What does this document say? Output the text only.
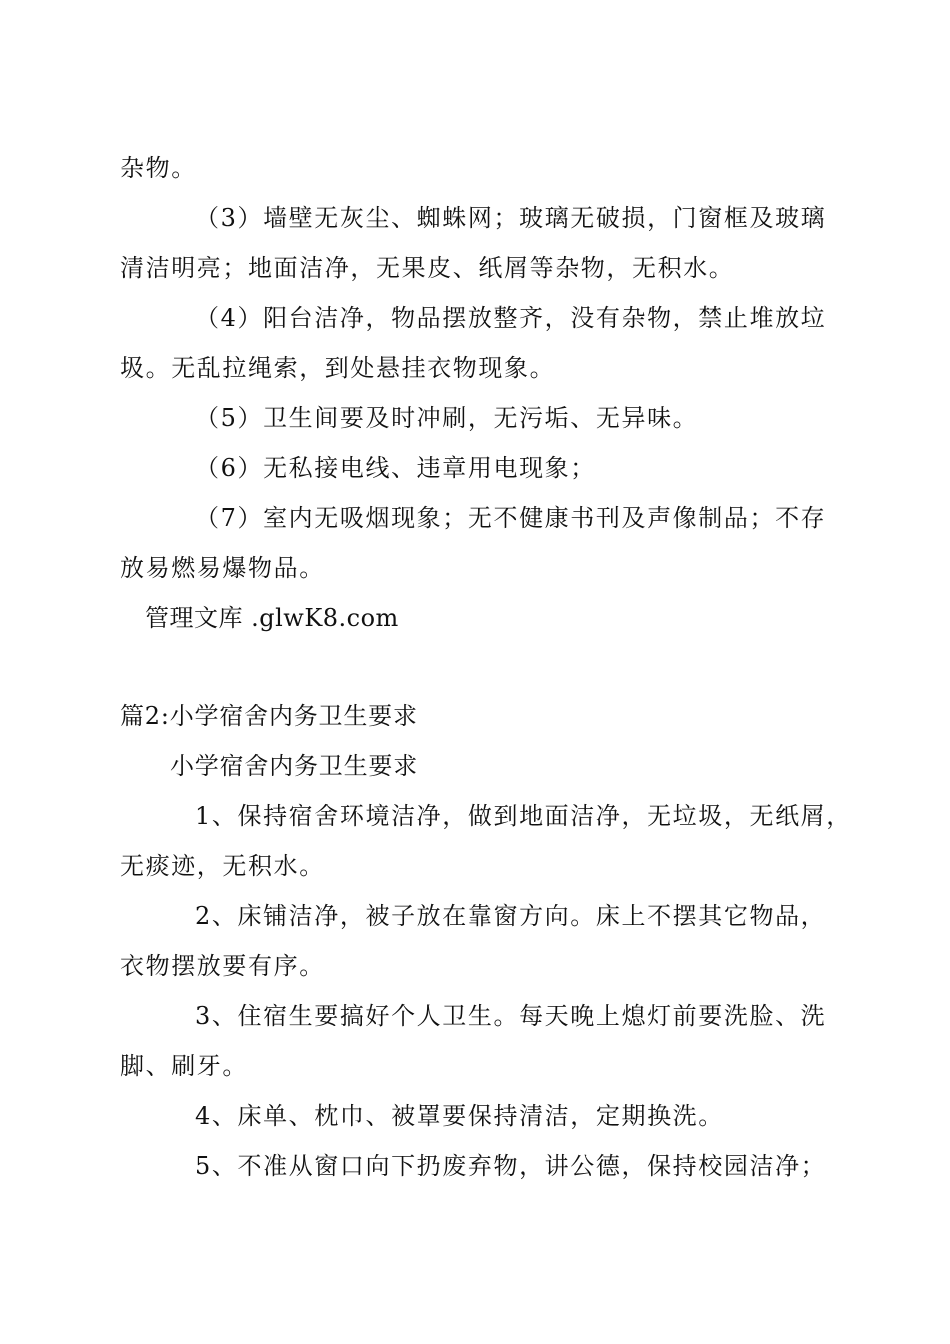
杂物。
（3）墙壁无灰尘、蜘蛛网；玻璃无破损，门窗框及玻璃
清洁明亮；地面洁净，无果皮、纸屑等杂物，无积水。
（4）阳台洁净，物品摆放整齐，没有杂物，禁止堆放垃
圾。无乱拉绳索，到处悬挂衣物现象。
（5）卫生间要及时冲刷，无污垢、无异味。
（6）无私接电线、违章用电现象；
（7）室内无吸烟现象；无不健康书刊及声像制品；不存
放易燃易爆物品。
管理文库 .glwK8.com
篇2:小学宿舍内务卫生要求
小学宿舍内务卫生要求
1、保持宿舍环境洁净，做到地面洁净，无垃圾，无纸屑，
无痰迹，无积水。
2、床铺洁净，被子放在靠窗方向。床上不摆其它物品，
衣物摆放要有序。
3、住宿生要搞好个人卫生。每天晚上熄灯前要洗脸、洗
脚、刷牙。
4、床单、枕巾、被罩要保持清洁，定期换洗。
5、不准从窗口向下扔废弃物，讲公德，保持校园洁净；
